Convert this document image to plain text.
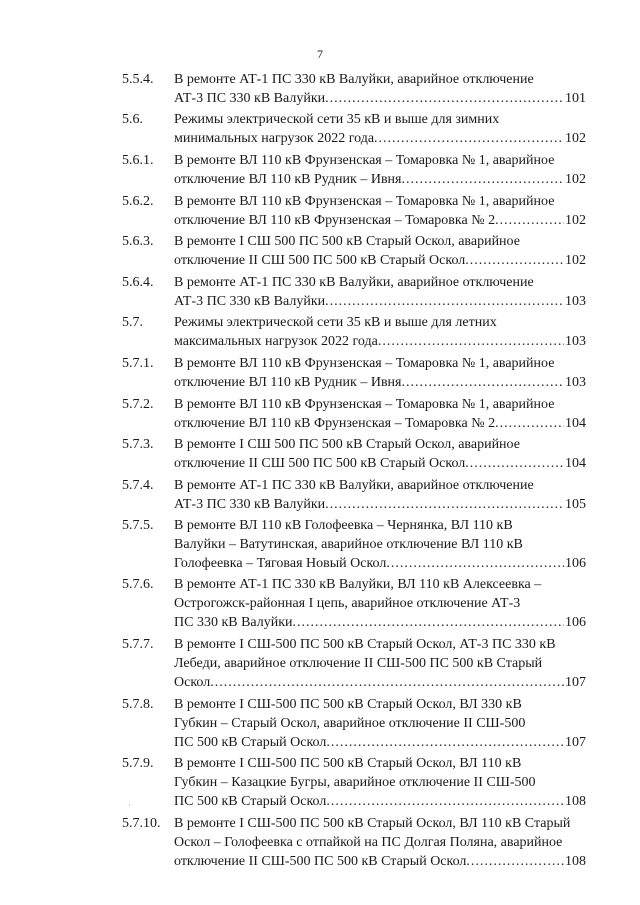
7
5.5.4.	В ремонте АТ-1 ПС 330 кВ Валуйки, аварийное отключение
АТ-3 ПС 330 кВ Валуйки .....	101
5.6.	Режимы электрической сети 35 кВ и выше для зимних
минимальных нагрузок 2022 года .....	102
5.6.1.	В ремонте ВЛ 110 кВ Фрунзенская – Томаровка № 1, аварийное
отключение ВЛ 110 кВ Рудник – Ивня .....	102
5.6.2.	В ремонте ВЛ 110 кВ Фрунзенская – Томаровка № 1, аварийное
отключение ВЛ 110 кВ Фрунзенская – Томаровка № 2 .....	102
5.6.3.	В ремонте I СШ 500 ПС 500 кВ Старый Оскол, аварийное
отключение II СШ 500 ПС 500 кВ Старый Оскол .....	102
5.6.4.	В ремонте АТ-1 ПС 330 кВ Валуйки, аварийное отключение
АТ-3 ПС 330 кВ Валуйки .....	103
5.7.	Режимы электрической сети 35 кВ и выше для летних
максимальных нагрузок 2022 года .....	103
5.7.1.	В ремонте ВЛ 110 кВ Фрунзенская – Томаровка № 1, аварийное
отключение ВЛ 110 кВ Рудник – Ивня .....	103
5.7.2.	В ремонте ВЛ 110 кВ Фрунзенская – Томаровка № 1, аварийное
отключение ВЛ 110 кВ Фрунзенская – Томаровка № 2 .....	104
5.7.3.	В ремонте I СШ 500 ПС 500 кВ Старый Оскол, аварийное
отключение II СШ 500 ПС 500 кВ Старый Оскол .....	104
5.7.4.	В ремонте АТ-1 ПС 330 кВ Валуйки, аварийное отключение
АТ-3 ПС 330 кВ Валуйки .....	105
5.7.5.	В ремонте ВЛ 110 кВ Голофеевка – Чернянка, ВЛ 110 кВ
Валуйки – Ватутинская, аварийное отключение ВЛ 110 кВ
Голофеевка – Тяговая Новый Оскол .....	106
5.7.6.	В ремонте АТ-1 ПС 330 кВ Валуйки, ВЛ 110 кВ Алексеевка –
Острогожск-районная I цепь, аварийное отключение АТ-3
ПС 330 кВ Валуйки .....	106
5.7.7.	В ремонте I СШ-500 ПС 500 кВ Старый Оскол, АТ-3 ПС 330 кВ
Лебеди, аварийное отключение II СШ-500 ПС 500 кВ Старый
Оскол .....	107
5.7.8.	В ремонте I СШ-500 ПС 500 кВ Старый Оскол, ВЛ 330 кВ
Губкин – Старый Оскол, аварийное отключение II СШ-500
ПС 500 кВ Старый Оскол .....	107
5.7.9.	В ремонте I СШ-500 ПС 500 кВ Старый Оскол, ВЛ 110 кВ
Губкин – Казацкие Бугры, аварийное отключение II СШ-500
ПС 500 кВ Старый Оскол .....	108
5.7.10. В ремонте I СШ-500 ПС 500 кВ Старый Оскол, ВЛ 110 кВ Старый
Оскол – Голофеевка с отпайкой на ПС Долгая Поляна, аварийное
отключение II СШ-500 ПС 500 кВ Старый Оскол .....	108
·
